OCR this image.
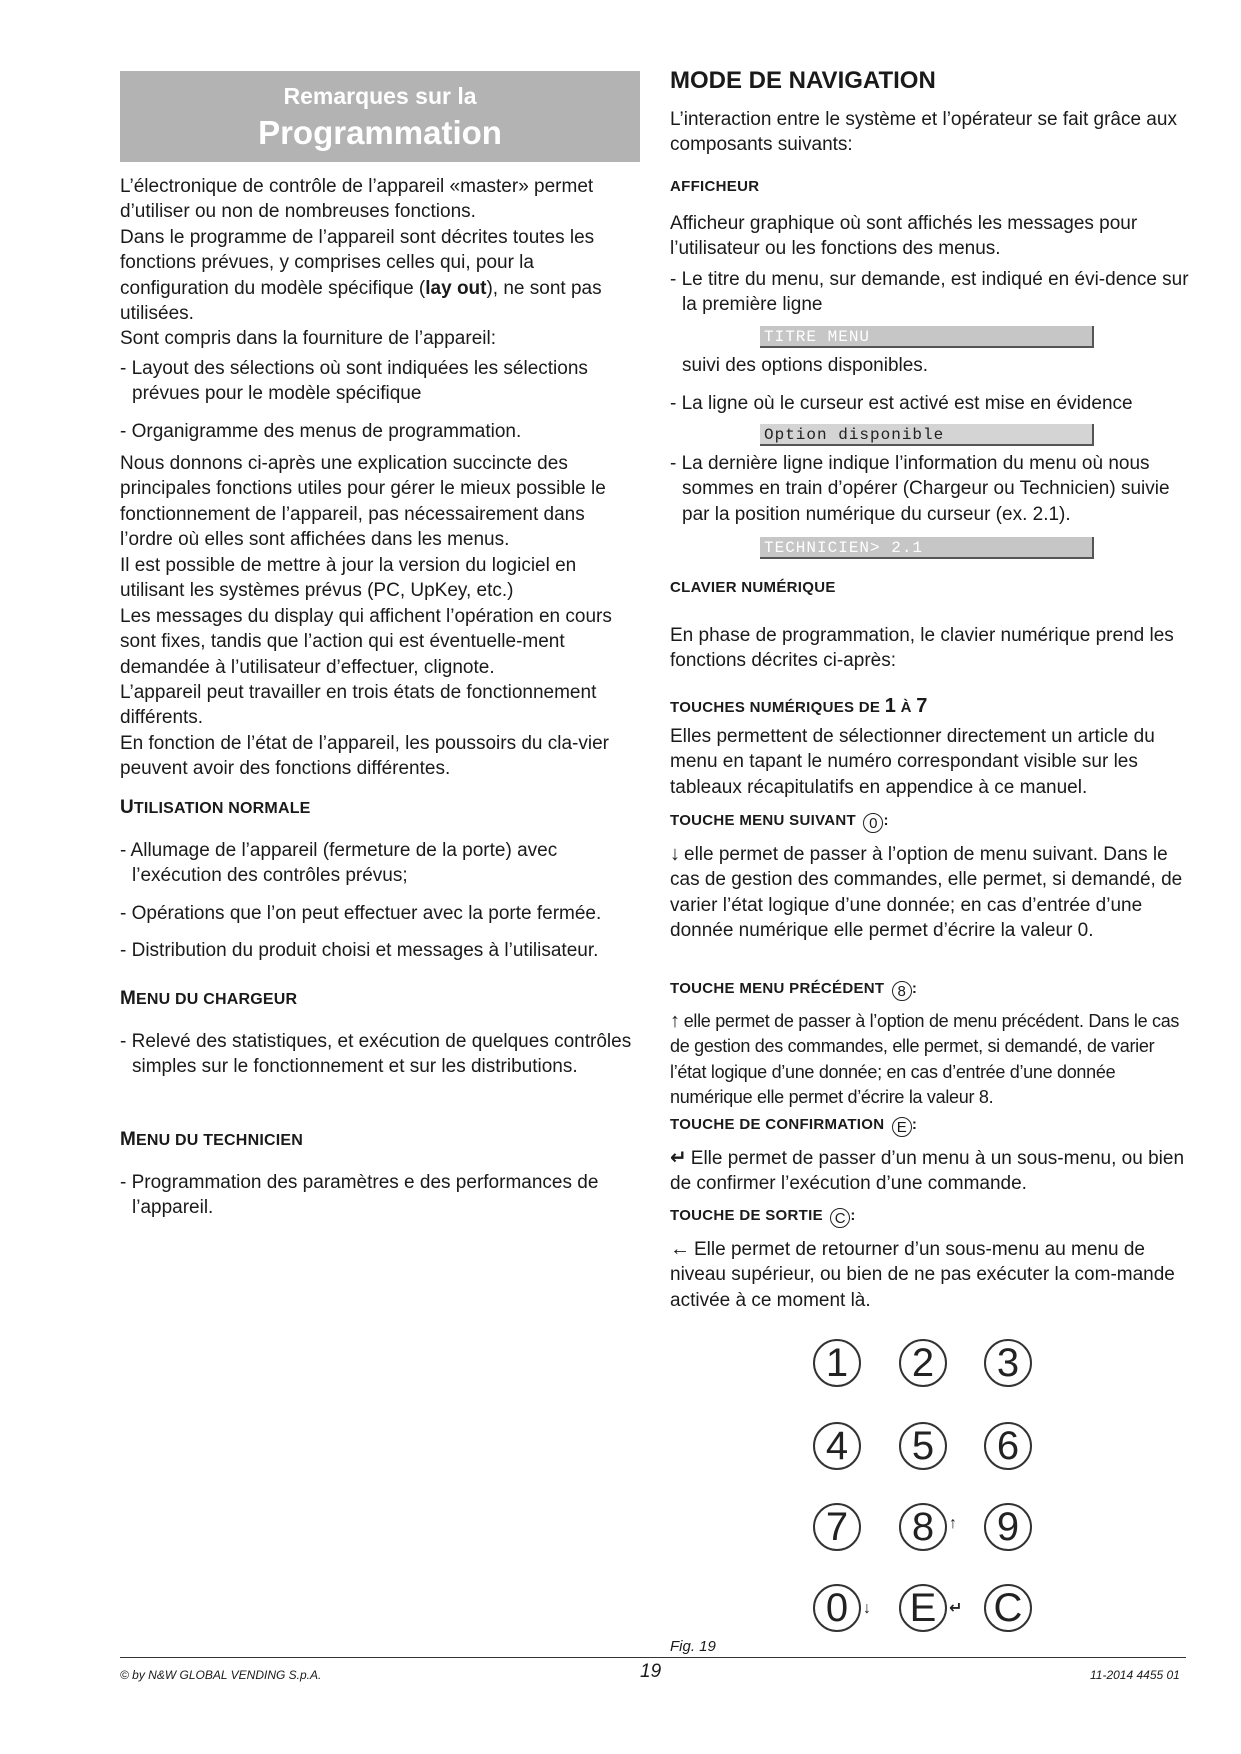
Remarques sur la
Programmation

L’électronique de contrôle de l’appareil «master» permet d’utiliser ou non de nombreuses fonctions.

Dans le programme de l’appareil sont décrites toutes les fonctions prévues, y comprises celles qui, pour la configuration du modèle spécifique (lay out), ne sont pas utilisées.

Sont compris dans la fourniture de l’appareil:

- Layout des sélections où sont indiquées les sélections prévues pour le modèle spécifique

- Organigramme des menus de programmation.

Nous donnons ci-après une explication succincte des principales fonctions utiles pour gérer le mieux possible le fonctionnement de l’appareil, pas nécessairement dans l’ordre où elles sont affichées dans les menus.

Il est possible de mettre à jour la version du logiciel en utilisant les systèmes prévus (PC, UpKey, etc.)

Les messages du display qui affichent l’opération en cours sont fixes, tandis que l’action qui est éventuelle-ment demandée à l’utilisateur d’effectuer, clignote.

L’appareil peut travailler en trois états de fonctionnement différents.

En fonction de l’état de l’appareil, les poussoirs du cla-vier peuvent avoir des fonctions différentes.

UTILISATION NORMALE

- Allumage de l’appareil (fermeture de la porte) avec l’exécution des contrôles prévus;

- Opérations que l’on peut effectuer avec la porte fermée.

- Distribution du produit choisi et messages à l’utilisateur.

MENU DU CHARGEUR

- Relevé des statistiques, et exécution de quelques contrôles simples sur le fonctionnement et sur les distributions.

MENU DU TECHNICIEN

- Programmation des paramètres e des performances de l’appareil.

MODE DE NAVIGATION

L’interaction entre le système et l’opérateur se fait grâce aux composants suivants:

AFFICHEUR

Afficheur graphique où sont affichés les messages pour l’utilisateur ou les fonctions des menus.

- Le titre du menu, sur demande, est indiqué en évi-dence sur la première ligne

TITRE MENU

suivi des options disponibles.

- La ligne où le curseur est activé est mise en évidence

Option disponible

- La dernière ligne indique l’information du menu où nous sommes en train d’opérer (Chargeur ou Technicien) suivie par la position numérique du curseur (ex. 2.1).

TECHNICIEN> 2.1
CLAVIER NUMÉRIQUE

En phase de programmation, le clavier numérique prend les fonctions décrites ci-après:

TOUCHES NUMÉRIQUES DE 1 À 7

Elles permettent de sélectionner directement un article du menu en tapant le numéro correspondant visible sur les tableaux récapitulatifs en appendice à ce manuel.

TOUCHE MENU SUIVANT 0 :

↓ elle permet de passer à l’option de menu suivant. Dans le cas de gestion des commandes, elle permet, si demandé, de varier l’état logique d’une donnée; en cas d’entrée d’une donnée numérique elle permet d’écrire la valeur 0.

TOUCHE MENU PRÉCÉDENT 8 :

↑ elle permet de passer à l’option de menu précédent. Dans le cas de gestion des commandes, elle permet, si demandé, de varier l’état logique d’une donnée; en cas d’entrée d’une donnée numérique elle permet d’écrire la valeur 8.

TOUCHE DE CONFIRMATION E :

↵ Elle permet de passer d’un menu à un sous-menu, ou bien de confirmer l’exécution d’une commande.

TOUCHE DE SORTIE C :

← Elle permet de retourner d’un sous-menu au menu de niveau supérieur, ou bien de ne pas exécuter la com-mande activée à ce moment là.

1	2	3
4	5	6
7	8 ↑ 9
0 ↓ E ↵ C
Fig. 19
© by N&W GLOBAL VENDING S.p.A.	19	11-2014 4455 01
